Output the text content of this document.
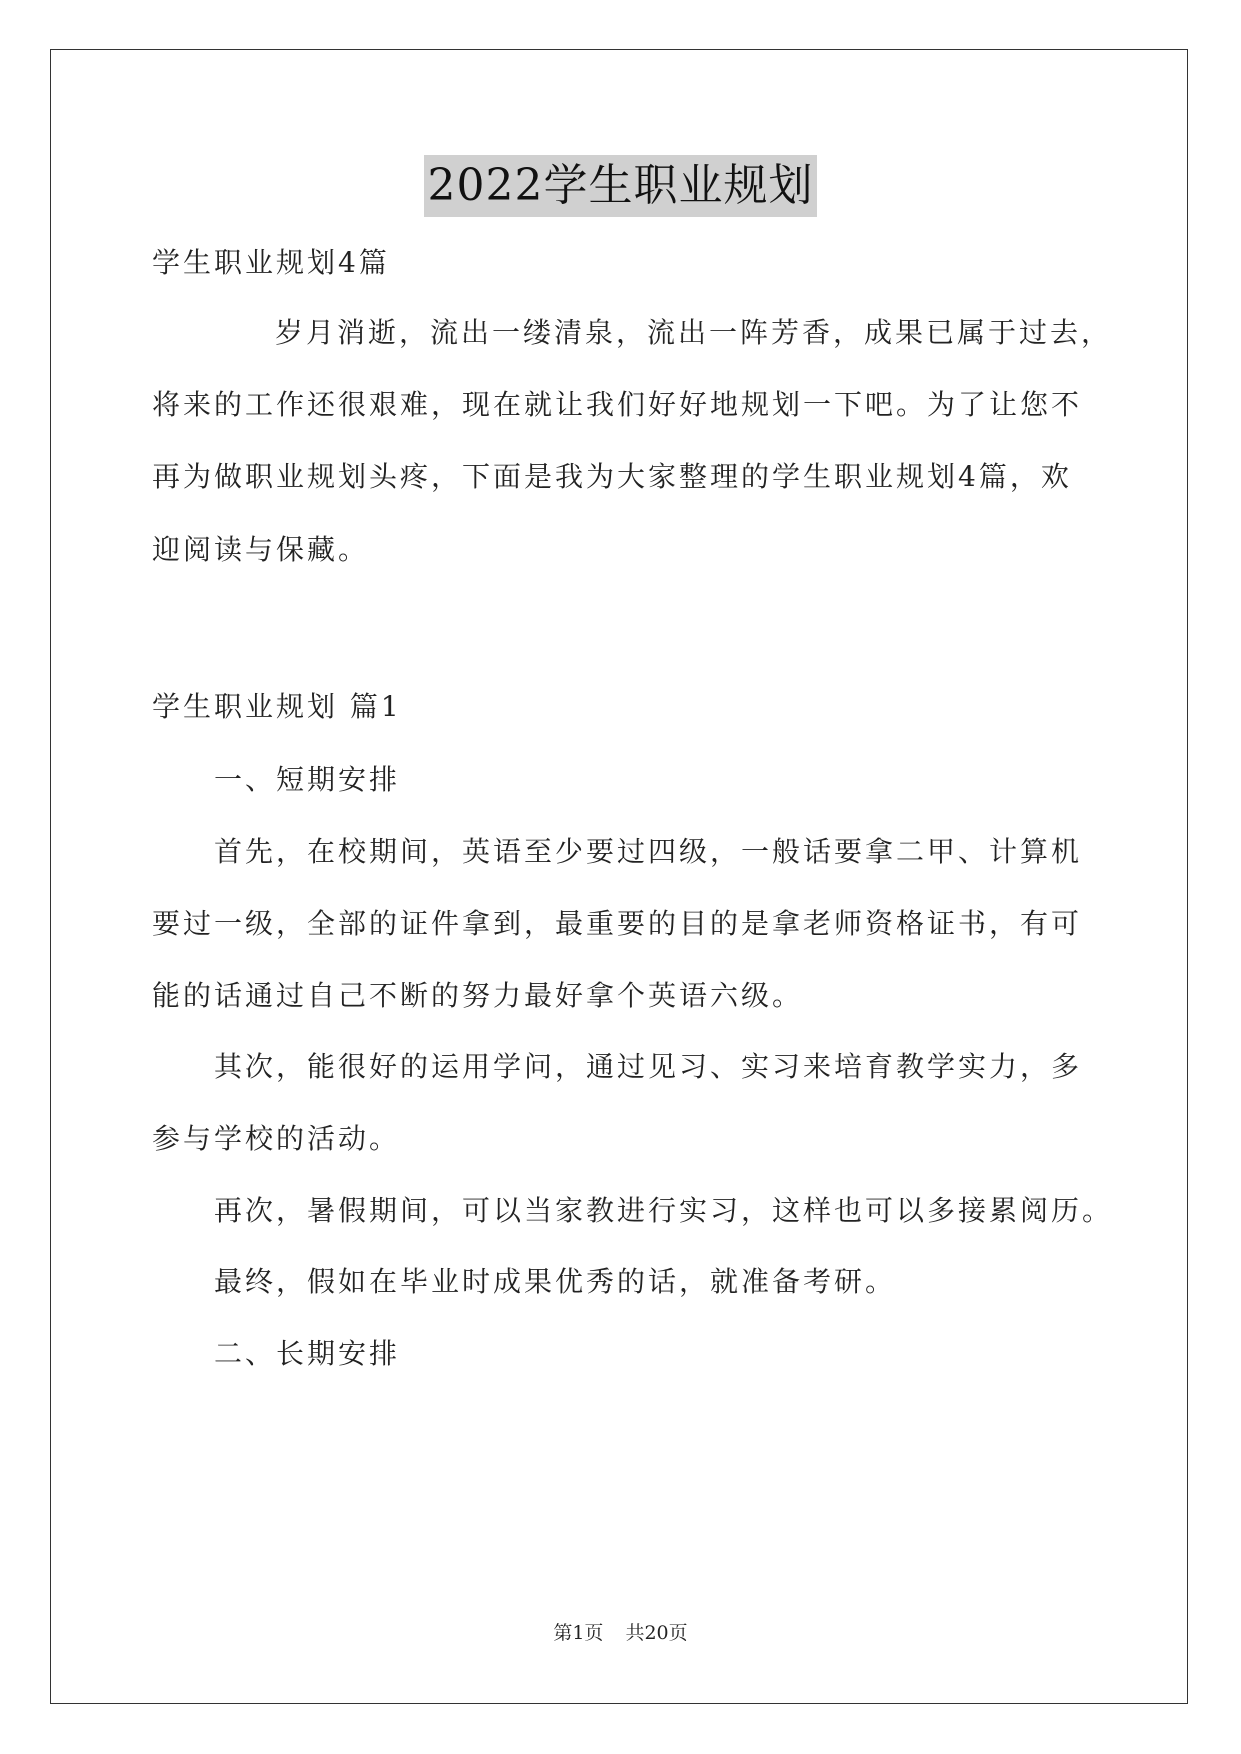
2022学生职业规划
学生职业规划4篇
岁月消逝，流出一缕清泉，流出一阵芳香，成果已属于过去，
将来的工作还很艰难，现在就让我们好好地规划一下吧。为了让您不
再为做职业规划头疼，下面是我为大家整理的学生职业规划4篇，欢
迎阅读与保藏。
学生职业规划 篇1
一、短期安排
首先，在校期间，英语至少要过四级，一般话要拿二甲、计算机
要过一级，全部的证件拿到，最重要的目的是拿老师资格证书，有可
能的话通过自己不断的努力最好拿个英语六级。
其次，能很好的运用学问，通过见习、实习来培育教学实力，多
参与学校的活动。
再次，暑假期间，可以当家教进行实习，这样也可以多接累阅历。
最终，假如在毕业时成果优秀的话，就准备考研。
二、长期安排
第1页 共20页
